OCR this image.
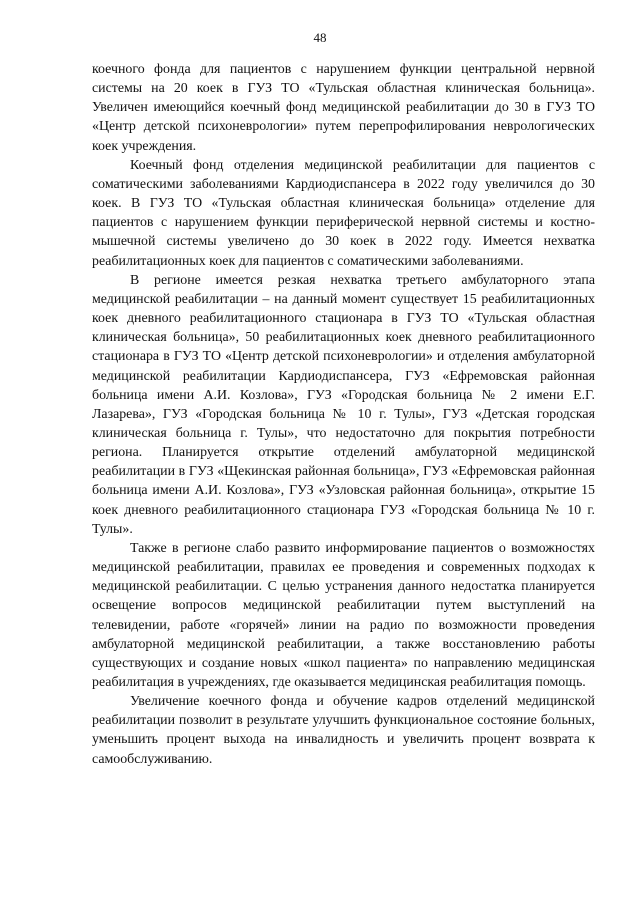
48

коечного фонда для пациентов с нарушением функции центральной нервной системы на 20 коек в ГУЗ ТО «Тульская областная клиническая больница». Увеличен имеющийся коечный фонд медицинской реабилитации до 30 в ГУЗ ТО «Центр детской психоневрологии» путем перепрофилирования неврологических коек учреждения.

Коечный фонд отделения медицинской реабилитации для пациентов с соматическими заболеваниями Кардиодиспансера в 2022 году увеличился до 30 коек. В ГУЗ ТО «Тульская областная клиническая больница» отделение для пациентов с нарушением функции периферической нервной системы и костно-мышечной системы увеличено до 30 коек в 2022 году. Имеется нехватка реабилитационных коек для пациентов с соматическими заболеваниями.

В регионе имеется резкая нехватка третьего амбулаторного этапа медицинской реабилитации – на данный момент существует 15 реабилитационных коек дневного реабилитационного стационара в ГУЗ ТО «Тульская областная клиническая больница», 50 реабилитационных коек дневного реабилитационного стационара в ГУЗ ТО «Центр детской психоневрологии» и отделения амбулаторной медицинской реабилитации Кардиодиспансера, ГУЗ «Ефремовская районная больница имени А.И. Козлова», ГУЗ «Городская больница № 2 имени Е.Г. Лазарева», ГУЗ «Городская больница № 10 г. Тулы», ГУЗ «Детская городская клиническая больница г. Тулы», что недостаточно для покрытия потребности региона. Планируется открытие отделений амбулаторной медицинской реабилитации в ГУЗ «Щекинская районная больница», ГУЗ «Ефремовская районная больница имени А.И. Козлова», ГУЗ «Узловская районная больница», открытие 15 коек дневного реабилитационного стационара ГУЗ «Городская больница № 10 г. Тулы».

Также в регионе слабо развито информирование пациентов о возможностях медицинской реабилитации, правилах ее проведения и современных подходах к медицинской реабилитации. С целью устранения данного недостатка планируется освещение вопросов медицинской реабилитации путем выступлений на телевидении, работе «горячей» линии на радио по возможности проведения амбулаторной медицинской реабилитации, а также восстановлению работы существующих и создание новых «школ пациента» по направлению медицинская реабилитация в учреждениях, где оказывается медицинская реабилитация помощь.

Увеличение коечного фонда и обучение кадров отделений медицинской реабилитации позволит в результате улучшить функциональное состояние больных, уменьшить процент выхода на инвалидность и увеличить процент возврата к самообслуживанию.
